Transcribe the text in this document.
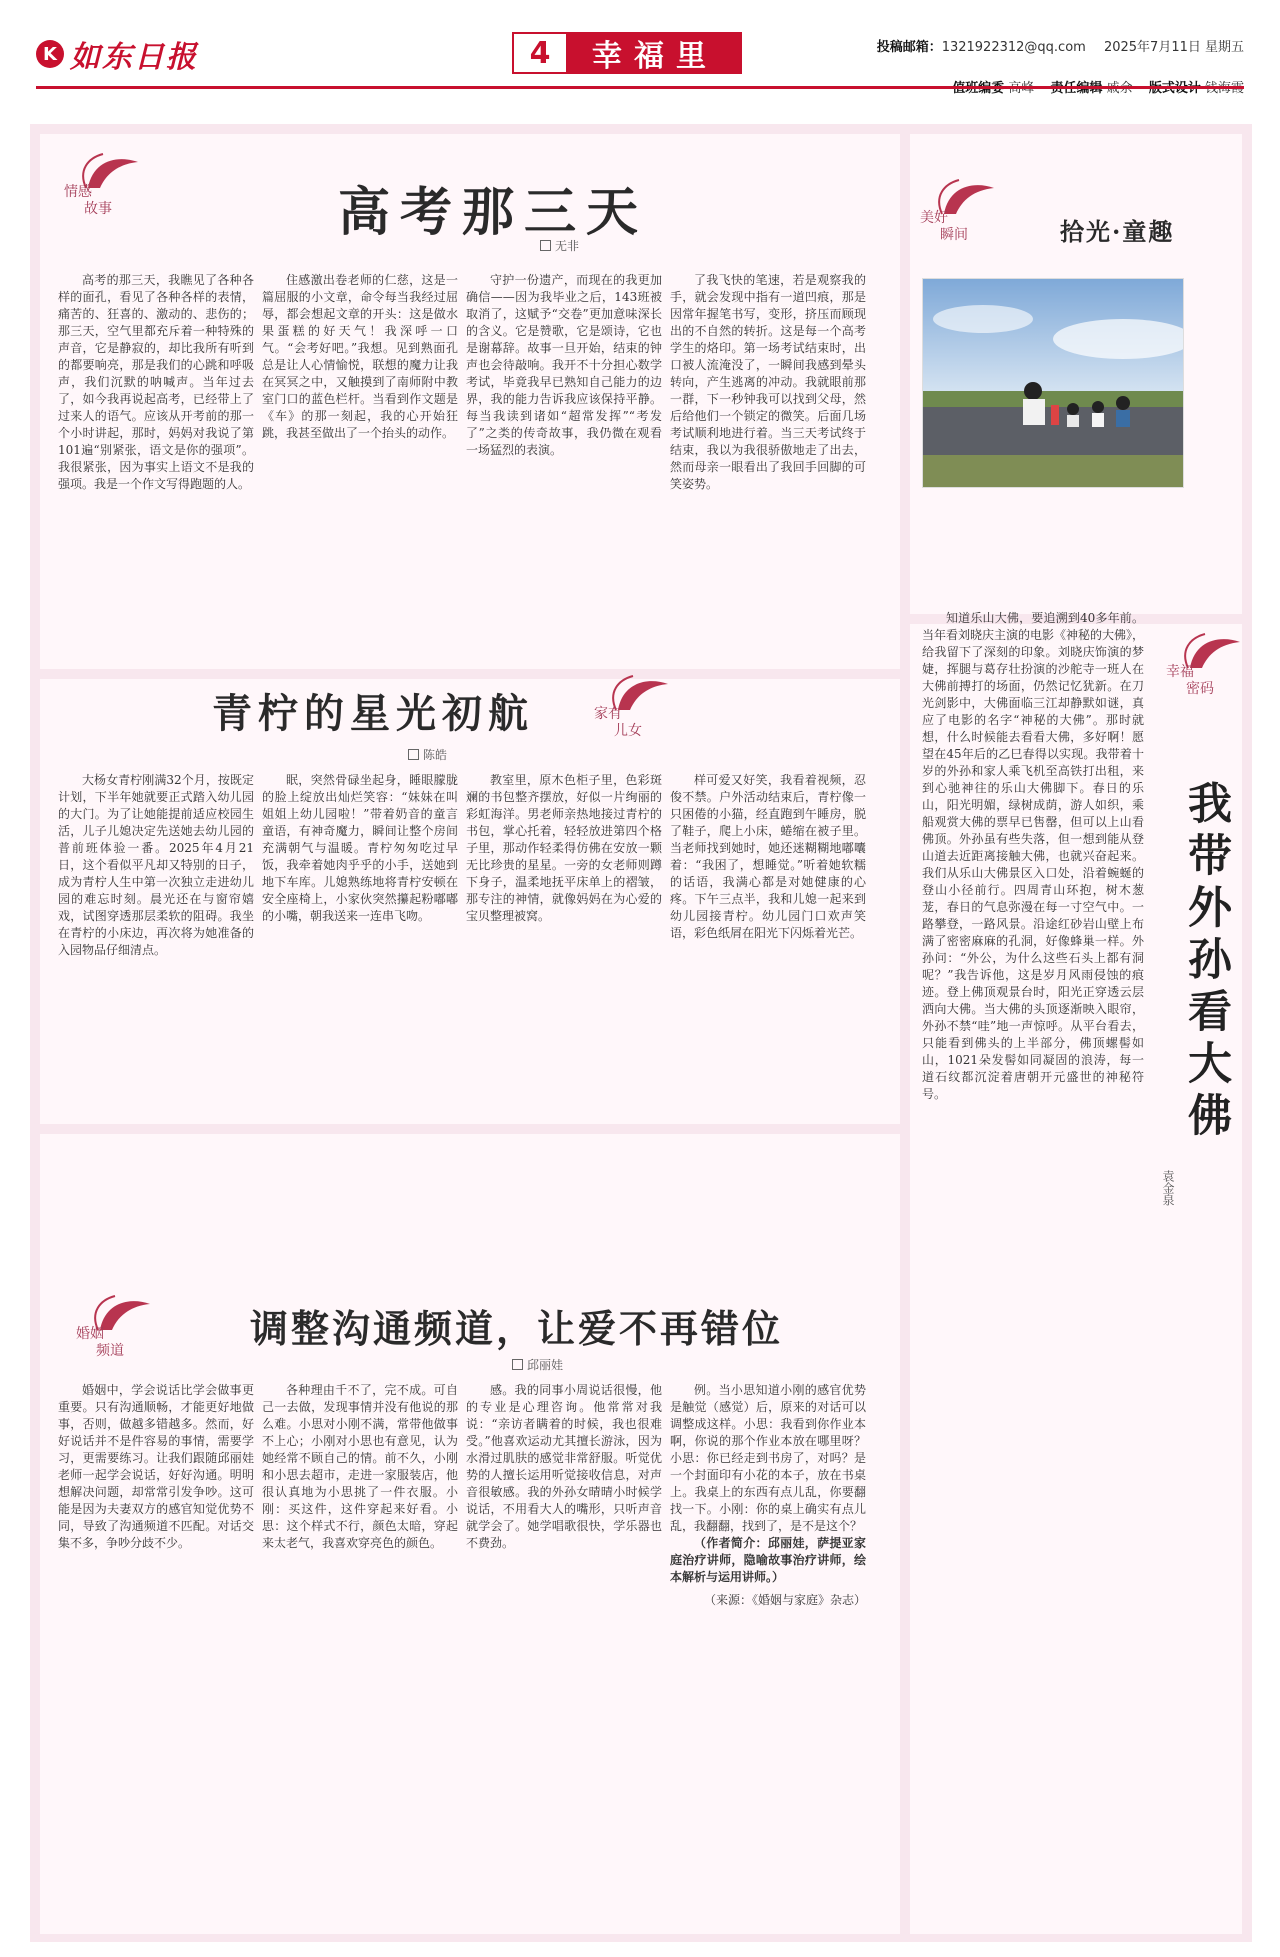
K 如东日报	4	幸福里	投稿邮箱：1321922312@qq.com 2025年7月11日 星期五
情感
故事	高考那三天
无非

高考的那三天，我瞧见了各种各样的面孔，看见了各种各样的表情，痛苦的、狂喜的、激动的、悲伤的；那三天，空气里都充斥着一种特殊的声音，它是静寂的，却比我所有听到的都要响亮，那是我们的心跳和呼吸声，我们沉默的呐喊声。当年过去了，如今我再说起高考，已经带上了过来人的语气。应该从开考前的那一个小时讲起，那时，妈妈对我说了第101遍“别紧张，语文是你的强项”。我很紧张，因为事实上语文不是我的强项。我是一个作文写得跑题的人。

住感激出卷老师的仁慈，这是一篇屈服的小文章，命令每当我经过屈辱，都会想起文章的开头：这是做水果蛋糕的好天气！我深呼一口气。“会考好吧。”我想。见到熟面孔总是让人心情愉悦，联想的魔力让我在冥冥之中，又触摸到了南师附中教室门口的蓝色栏杆。当看到作文题是《车》的那一刻起，我的心开始狂跳，我甚至做出了一个抬头的动作。

守护一份遗产，而现在的我更加确信——因为我毕业之后，143班被取消了，这赋予“交卷”更加意味深长的含义。它是赞歌，它是颂诗，它也是谢幕辞。故事一旦开始，结束的钟声也会待敲响。我开不十分担心数学考试，毕竟我早已熟知自己能力的边界，我的能力告诉我应该保持平静。每当我读到诸如“超常发挥”“考发了”之类的传奇故事，我仍微在观看一场猛烈的表演。

了我飞快的笔速，若是观察我的手，就会发现中指有一道凹痕，那是因常年握笔书写，变形，挤压而顾现出的不自然的转折。这是每一个高考学生的烙印。第一场考试结束时，出口被人流淹没了，一瞬间我感到晕头转向，产生逃离的冲动。我就眼前那一群，下一秒钟我可以找到父母，然后给他们一个锁定的微笑。后面几场考试顺利地进行着。当三天考试终于结束，我以为我很骄傲地走了出去，然而母亲一眼看出了我回手回脚的可笑姿势。

美好
瞬间	拾光·童趣
家有
儿女
青柠的星光初航
陈皓

大杨女青柠刚满32个月，按既定计划，下半年她就要正式踏入幼儿园的大门。为了让她能提前适应校园生活，儿子儿媳决定先送她去幼儿园的普前班体验一番。2025年4月21日，这个看似平凡却又特别的日子，成为青柠人生中第一次独立走进幼儿园的难忘时刻。晨光还在与窗帘嬉戏，试图穿透那层柔软的阻碍。我坐在青柠的小床边，再次将为她准备的入园物品仔细清点。

眠，突然骨碌坐起身，睡眼朦胧的脸上绽放出灿烂笑容：“妹妹在叫姐姐上幼儿园啦！”带着奶音的童言童语，有神奇魔力，瞬间让整个房间充满朝气与温暖。青柠匆匆吃过早饭，我牵着她肉乎乎的小手，送她到地下车库。儿媳熟练地将青柠安顿在安全座椅上，小家伙突然攥起粉嘟嘟的小嘴，朝我送来一连串飞吻。

教室里，原木色柜子里，色彩斑斓的书包整齐摆放，好似一片绚丽的彩虹海洋。男老师亲热地接过青柠的书包，掌心托着，轻轻放进第四个格子里，那动作轻柔得仿佛在安放一颗无比珍贵的星星。一旁的女老师则蹲下身子，温柔地抚平床单上的褶皱，那专注的神情，就像妈妈在为心爱的宝贝整理被窝。

样可爱又好笑，我看着视频，忍俊不禁。户外活动结束后，青柠像一只困倦的小猫，经直跑到午睡房，脱了鞋子，爬上小床，蜷缩在被子里。当老师找到她时，她还迷糊糊地嘟囔着：“我困了，想睡觉。”听着她软糯的话语，我满心都是对她健康的心疼。下午三点半，我和儿媳一起来到幼儿园接青柠。幼儿园门口欢声笑语，彩色纸屑在阳光下闪烁着光芒。

幸福
密码

知道乐山大佛，要追溯到40多年前。当年看刘晓庆主演的电影《神秘的大佛》，给我留下了深刻的印象。刘晓庆饰演的梦婕，挥腿与葛存壮扮演的沙舵寺一班人在大佛前搏打的场面，仍然记忆犹新。在刀光剑影中，大佛面临三江却静默如谜，真应了电影的名字“神秘的大佛”。那时就想，什么时候能去看看大佛，多好啊！愿望在45年后的乙巳春得以实现。我带着十岁的外孙和家人乘飞机至高铁打出租，来到心驰神往的乐山大佛脚下。春日的乐山，阳光明媚，绿树成荫，游人如织，乘船观赏大佛的票早已售罄，但可以上山看佛顶。外孙虽有些失落，但一想到能从登山道去近距离接触大佛，也就兴奋起来。我们从乐山大佛景区入口处，沿着蜿蜒的登山小径前行。四周青山环抱，树木葱茏，春日的气息弥漫在每一寸空气中。一路攀登，一路风景。沿途红砂岩山壁上布满了密密麻麻的孔洞，好像蜂巢一样。外孙问：“外公，为什么这些石头上都有洞呢？”我告诉他，这是岁月风雨侵蚀的痕迹。登上佛顶观景台时，阳光正穿透云层洒向大佛。当大佛的头顶逐渐映入眼帘，外孙不禁“哇”地一声惊呼。从平台看去，只能看到佛头的上半部分，佛顶螺髻如山，1021朵发髻如同凝固的浪涛，每一道石纹都沉淀着唐朝开元盛世的神秘符号。	我带外孙看大佛
袁金泉
婚姻
频道	调整沟通频道，让爱不再错位
邱丽娃

婚姻中，学会说话比学会做事更重要。只有沟通顺畅，才能更好地做事，否则，做越多错越多。然而，好好说话并不是件容易的事情，需要学习，更需要练习。让我们跟随邱丽娃老师一起学会说话，好好沟通。明明想解决问题，却常常引发争吵。这可能是因为夫妻双方的感官知觉优势不同，导致了沟通频道不匹配。对话交集不多，争吵分歧不少。

各种理由千不了，完不成。可自己一去做，发现事情并没有他说的那么难。小思对小刚不满，常带他做事不上心；小刚对小思也有意见，认为她经常不顾自己的情。前不久，小刚和小思去超市，走进一家服装店，他很认真地为小思挑了一件衣服。小刚：买这件，这件穿起来好看。小思：这个样式不行，颜色太暗，穿起来太老气，我喜欢穿亮色的颜色。

感。我的同事小周说话很慢，他的专业是心理咨询。他常常对我说：“亲访者瞒着的时候，我也很难受。”他喜欢运动尤其擅长游泳，因为水滑过肌肤的感觉非常舒服。听觉优势的人擅长运用听觉接收信息，对声音很敏感。我的外孙女晴晴小时候学说话，不用看大人的嘴形，只听声音就学会了。她学唱歌很快，学乐器也不费劲。

例。当小思知道小刚的感官优势是触觉（感觉）后，原来的对话可以调整成这样。小思：我看到你作业本啊，你说的那个作业本放在哪里呀？小思：你已经走到书房了，对吗？是一个封面印有小花的本子，放在书桌上。我桌上的东西有点儿乱，你要翻找一下。小刚：你的桌上确实有点儿乱，我翻翻，找到了，是不是这个？

（作者简介：邱丽娃，萨提亚家庭治疗讲师，隐喻故事治疗讲师，绘本解析与运用讲师。）

（来源：《婚姻与家庭》杂志）
